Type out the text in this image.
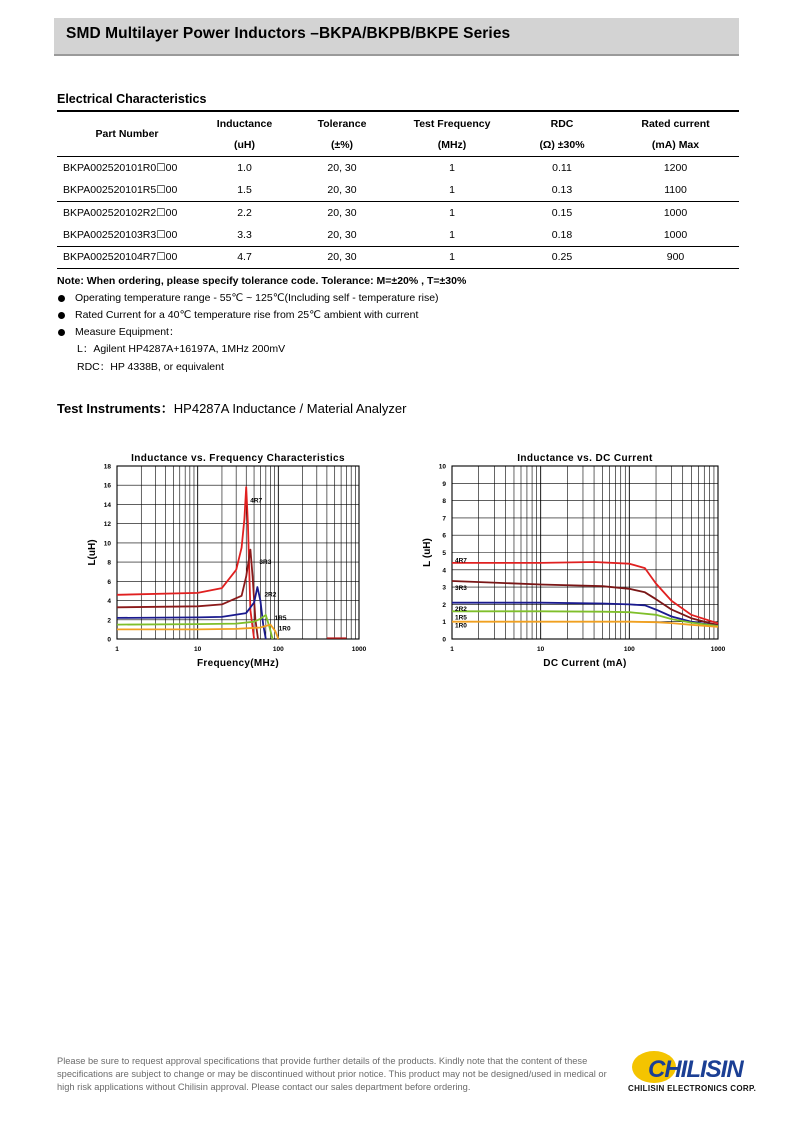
SMD Multilayer Power Inductors –BKPA/BKPB/BKPE Series
Electrical Characteristics
Part Number	Inductance	Tolerance	Test Frequency	RDC	Rated current
	(uH)	(±%)	(MHz)	(Ω) ±30%	(mA) Max
BKPA002520101R0☐00	1.0	20, 30	1	0.11	1200
BKPA002520101R5☐00	1.5	20, 30	1	0.13	1100
BKPA002520102R2☐00	2.2	20, 30	1	0.15	1000
BKPA002520103R3☐00	3.3	20, 30	1	0.18	1000
BKPA002520104R7☐00	4.7	20, 30	1	0.25	900
Note: When ordering, please specify tolerance code. Tolerance: M=±20% , T=±30%
Operating temperature range - 55℃ ~ 125℃(Including self - temperature rise)
Rated Current for a 40℃ temperature rise from 25℃ ambient with current
Measure Equipment：
L：Agilent HP4287A+16197A, 1MHz 200mV
RDC：HP 4338B, or equivalent
Test Instruments：HP4287A Inductance / Material Analyzer
0
2
4
6
8
10
12
14
16
18
1	10	100	1000
Inductance vs. Frequency Characteristics
Frequency(MHz)
L(uH)
4R7
3R3
2R2
1R5
1R0
0
1
2
3
4
5
6
7
8
9
10
1	10	100	1000
Inductance vs. DC Current
DC Current (mA)
L (uH)	4R7
3R3
2R2
1R5
1R0
Please be sure to request approval specifications that provide further details of the products. Kindly note that the content of these specifications are subject to change or may be discontinued without prior notice. This product may not be designed/used in medical or high risk applications without Chilisin approval. Please contact our sales department before ordering.
CHILISIN
CHILISIN ELECTRONICS CORP.
